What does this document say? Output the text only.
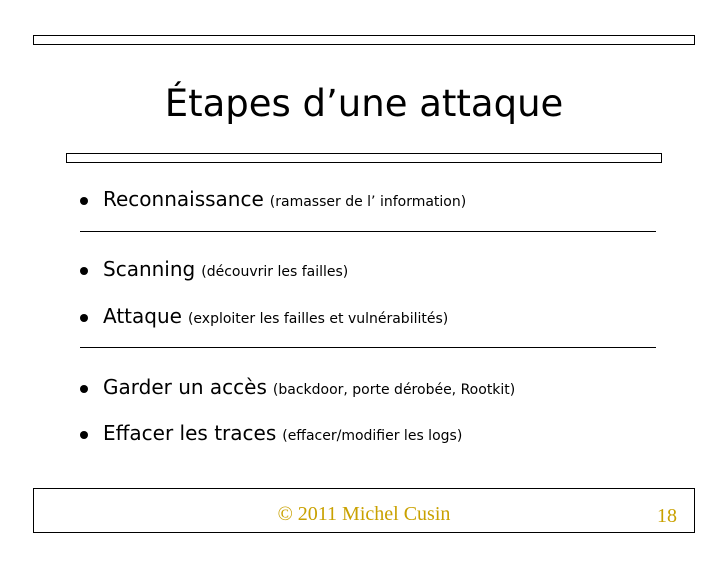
Étapes d’une attaque
Reconnaissance (ramasser de l’ information)
Scanning (découvrir les failles)
Attaque (exploiter les failles et vulnérabilités)
Garder un accès (backdoor, porte dérobée, Rootkit)
Effacer les traces (effacer/modifier les logs)
© 2011 Michel Cusin	18
